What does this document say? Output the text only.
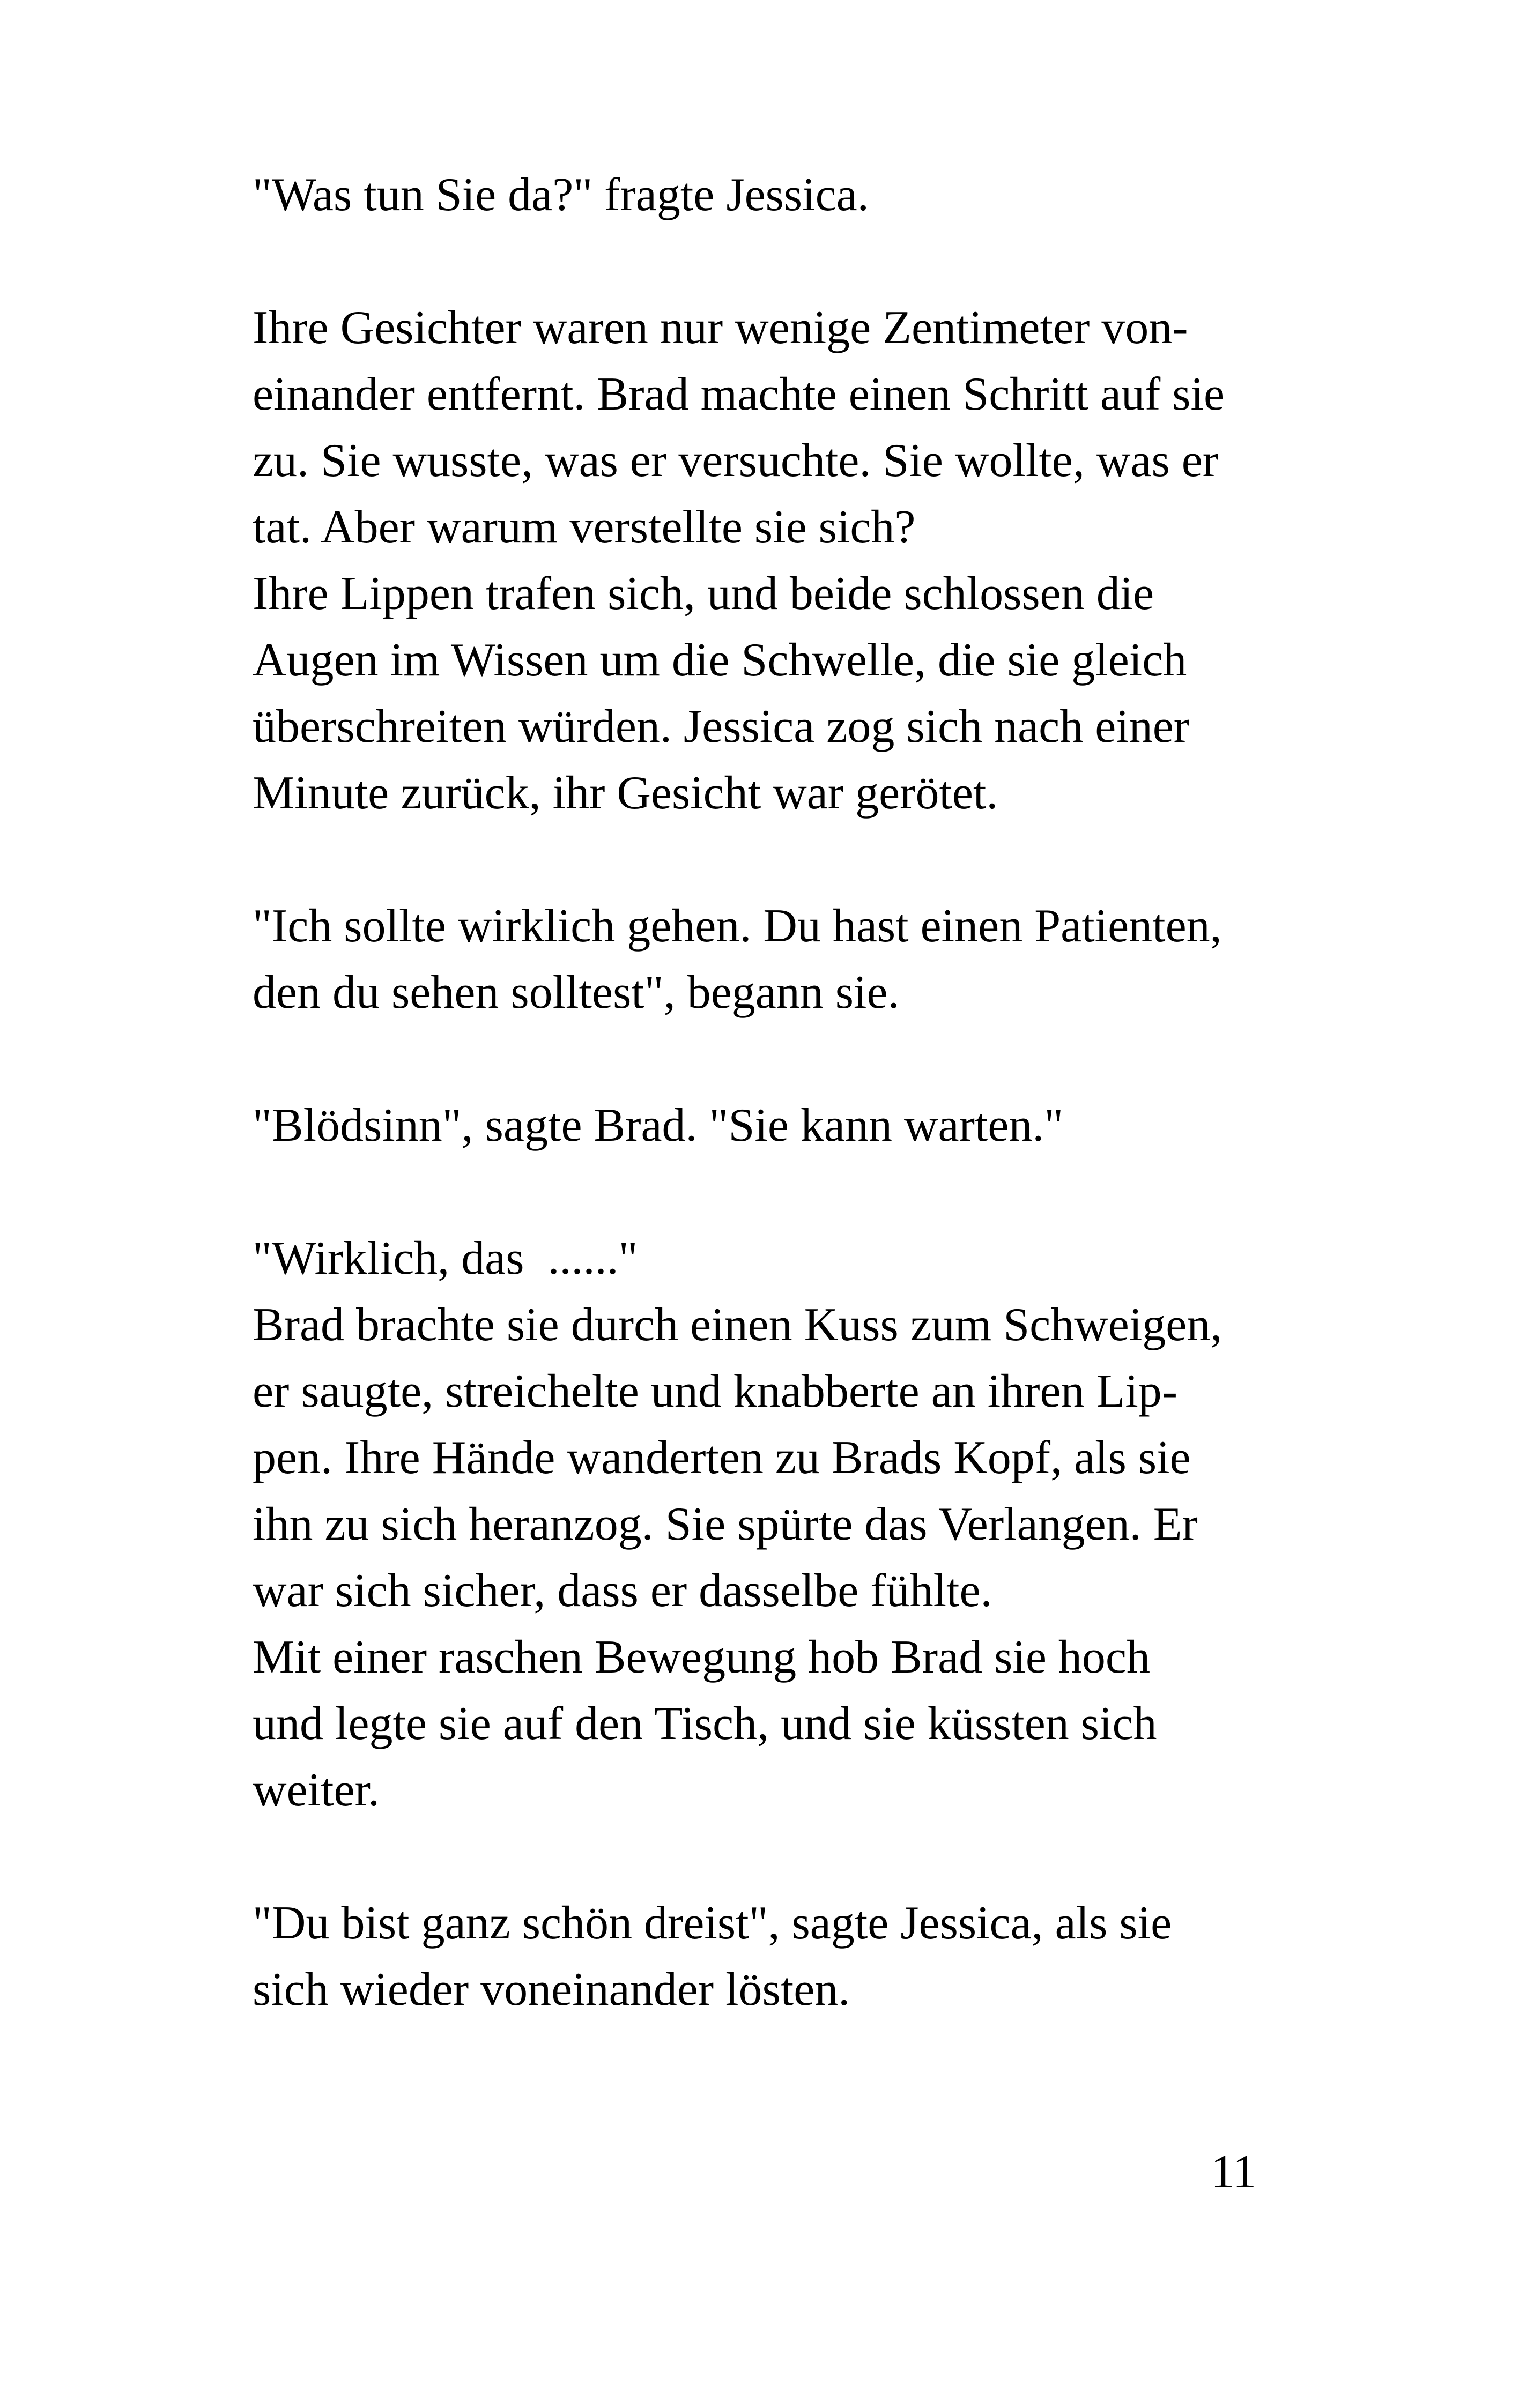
"Was tun Sie da?" fragte Jessica.
Ihre Gesichter waren nur wenige Zentimeter von-
einander entfernt. Brad machte einen Schritt auf sie
zu. Sie wusste, was er versuchte. Sie wollte, was er
tat. Aber warum verstellte sie sich?
Ihre Lippen trafen sich, und beide schlossen die
Augen im Wissen um die Schwelle, die sie gleich
überschreiten würden. Jessica zog sich nach einer
Minute zurück, ihr Gesicht war gerötet.
"Ich sollte wirklich gehen. Du hast einen Patienten,
den du sehen solltest", begann sie.
"Blödsinn", sagte Brad. "Sie kann warten."
"Wirklich, das  ......"
Brad brachte sie durch einen Kuss zum Schweigen,
er saugte, streichelte und knabberte an ihren Lip-
pen. Ihre Hände wanderten zu Brads Kopf, als sie
ihn zu sich heranzog. Sie spürte das Verlangen. Er
war sich sicher, dass er dasselbe fühlte.
Mit einer raschen Bewegung hob Brad sie hoch
und legte sie auf den Tisch, und sie küssten sich
weiter.
"Du bist ganz schön dreist", sagte Jessica, als sie
sich wieder voneinander lösten.
11
